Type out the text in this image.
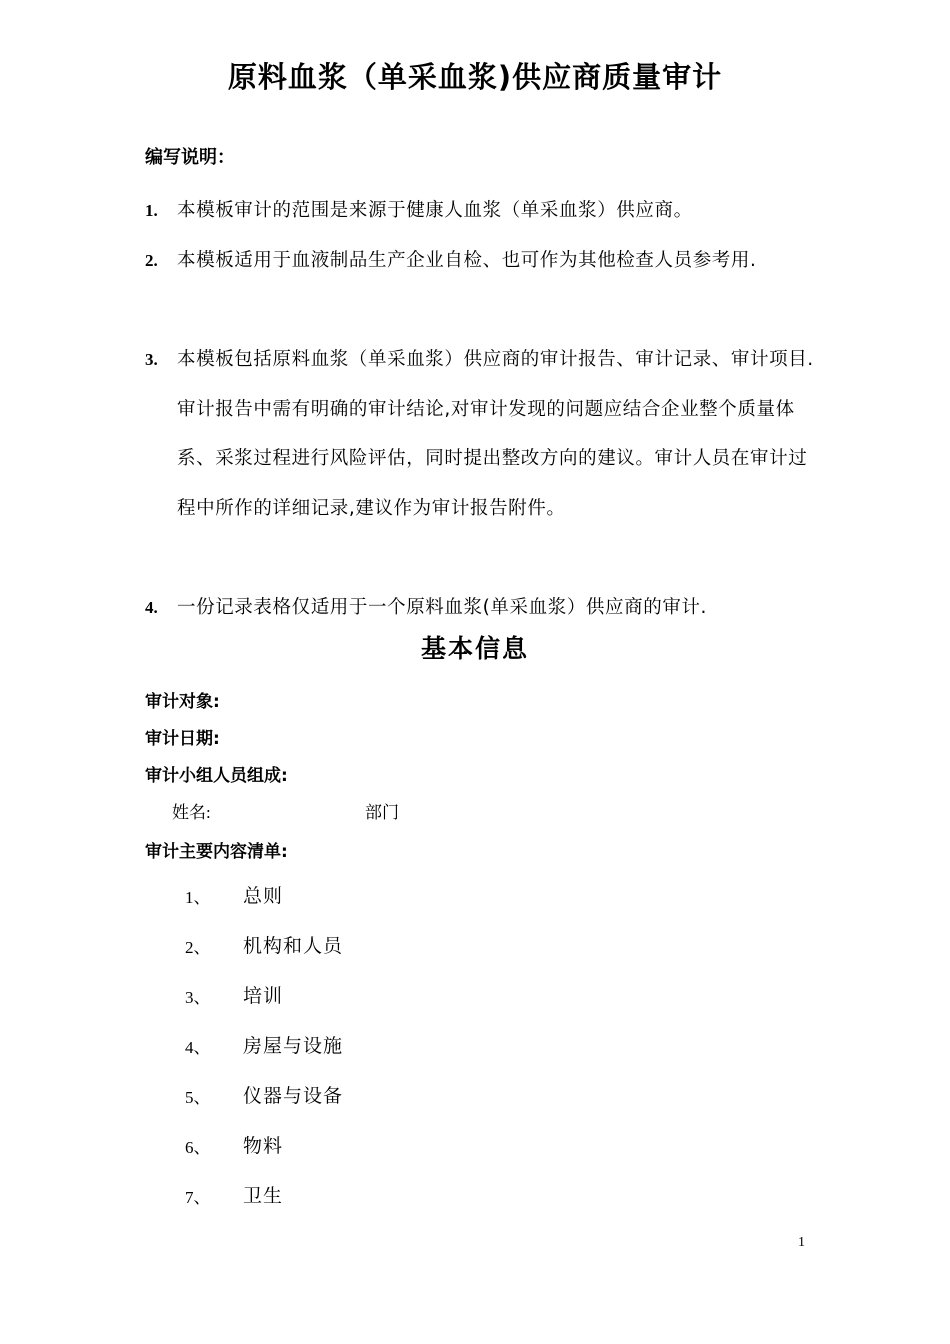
原料血浆（单采血浆)供应商质量审计
编写说明：
1. 本模板审计的范围是来源于健康人血浆（单采血浆）供应商。
2. 本模板适用于血液制品生产企业自检、也可作为其他检查人员参考用.
3. 本模板包括原料血浆（单采血浆）供应商的审计报告、审计记录、审计项目.审计报告中需有明确的审计结论,对审计发现的问题应结合企业整个质量体系、采浆过程进行风险评估，同时提出整改方向的建议。审计人员在审计过程中所作的详细记录,建议作为审计报告附件。
4. 一份记录表格仅适用于一个原料血浆(单采血浆）供应商的审计.
基本信息
审计对象:
审计日期:
审计小组人员组成:
姓名:	部门
审计主要内容清单:
1、 总则
2、 机构和人员
3、 培训
4、 房屋与设施
5、 仪器与设备
6、 物料
7、 卫生
1
